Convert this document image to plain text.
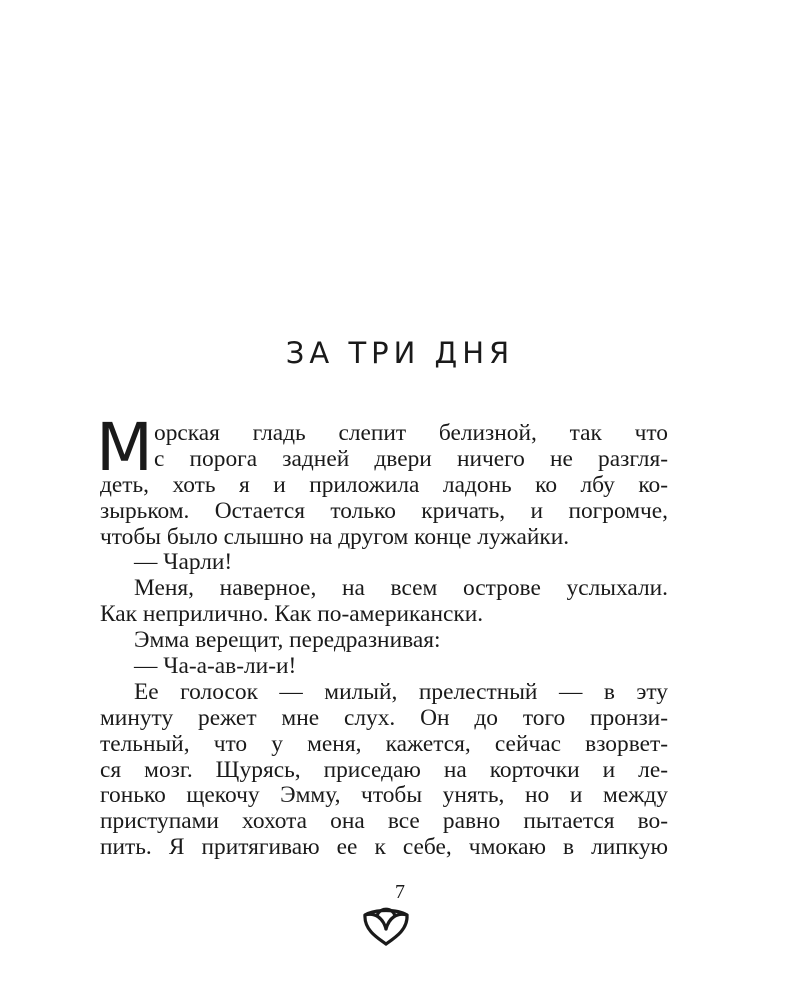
ЗА ТРИ ДНЯ
М орская гладь слепит белизной, так что
с порога задней двери ничего не разгля-
деть, хоть я и приложила ладонь ко лбу ко-
зырьком. Остается только кричать, и погромче,
чтобы было слышно на другом конце лужайки.
— Чарли!
Меня, наверное, на всем острове услыхали.
Как неприлично. Как по-американски.
Эмма верещит, передразнивая:
— Ча-а-ав-ли-и!
Ее голосок — милый, прелестный — в эту
минуту режет мне слух. Он до того пронзи-
тельный, что у меня, кажется, сейчас взорвет-
ся мозг. Щурясь, приседаю на корточки и ле-
гонько щекочу Эмму, чтобы унять, но и между
приступами хохота она все равно пытается во-
пить. Я притягиваю ее к себе, чмокаю в липкую
7
